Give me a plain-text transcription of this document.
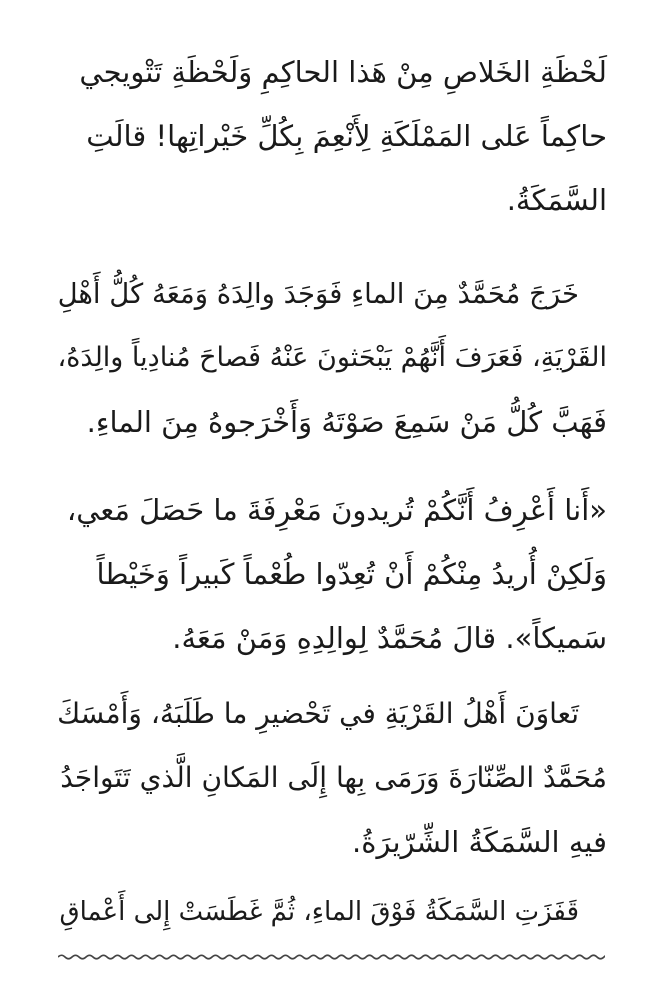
لَحْظَةِ الخَلاصِ مِنْ هَذا الحاكِمِ وَلَحْظَةِ تَتْويجي
حاكِماً عَلى المَمْلَكَةِ لِأَنْعِمَ بِكُلِّ خَيْراتِها! قالَتِ
السَّمَكَةُ.

خَرَجَ مُحَمَّدٌ مِنَ الماءِ فَوَجَدَ والِدَهُ وَمَعَهُ كُلُّ أَهْلِ
القَرْيَةِ، فَعَرَفَ أَنَّهُمْ يَبْحَثونَ عَنْهُ فَصاحَ مُنادِياً والِدَهُ،
فَهَبَّ كُلُّ مَنْ سَمِعَ صَوْتَهُ وَأَخْرَجوهُ مِنَ الماءِ.

«أَنا أَعْرِفُ أَنَّكُمْ تُريدونَ مَعْرِفَةَ ما حَصَلَ مَعي،
وَلَكِنْ أُريدُ مِنْكُمْ أَنْ تُعِدّوا طُعْماً كَبيراً وَخَيْطاً
سَميكاً». قالَ مُحَمَّدٌ لِوالِدِهِ وَمَنْ مَعَهُ.

تَعاوَنَ أَهْلُ القَرْيَةِ في تَحْضيرِ ما طَلَبَهُ، وَأَمْسَكَ
مُحَمَّدٌ الصِّنّارَةَ وَرَمَى بِها إِلَى المَكانِ الَّذي تَتَواجَدُ
فيهِ السَّمَكَةُ الشِّرّيرَةُ.

قَفَزَتِ السَّمَكَةُ فَوْقَ الماءِ، ثُمَّ غَطَسَتْ إِلى أَعْماقِ
